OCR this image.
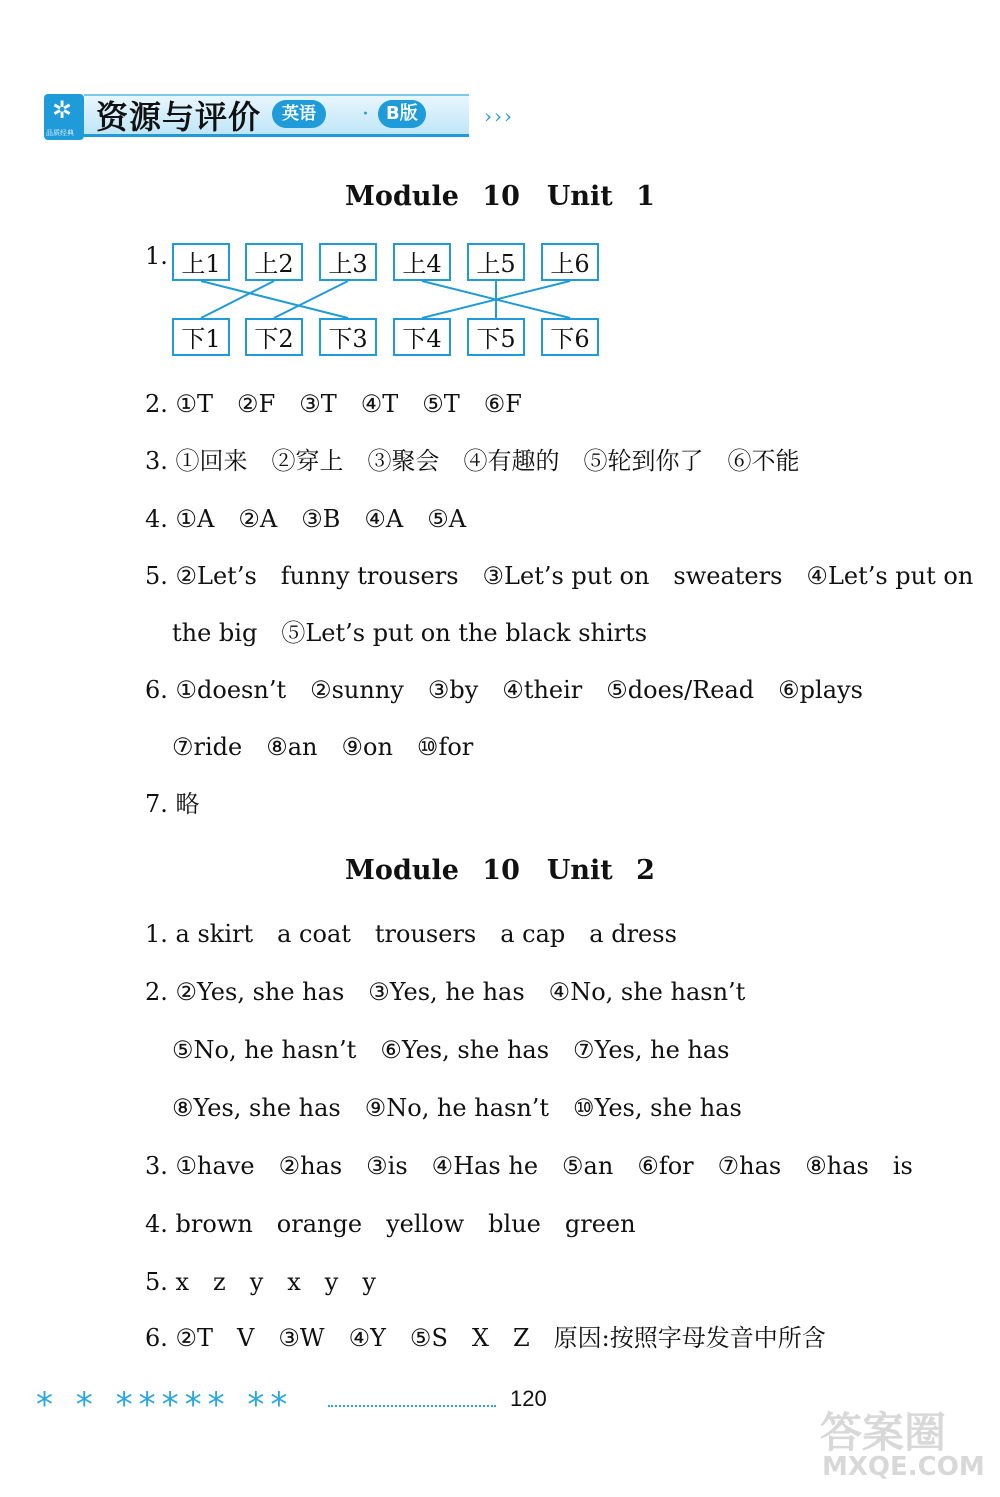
✲
品质经典 资源与评价	英语	· B版	›››
Module 10　Unit 1
1. 上1	上2	上3	上4	上5	上6
下1	下2	下3	下4	下5	下6
2. ①T　②F　③T　④T　⑤T　⑥F
3. ①回来　②穿上　③聚会　④有趣的　⑤轮到你了　⑥不能
4. ①A　②A　③B　④A　⑤A
5. ②Let’s　funny trousers　③Let’s put on　sweaters　④Let’s put on
the big　⑤Let’s put on the black shirts
6. ①doesn’t　②sunny　③by　④their　⑤does/Read　⑥plays
⑦ride　⑧an　⑨on　⑩for
7. 略
Module 10　Unit 2
1. a skirt　a coat　trousers　a cap　a dress
2. ②Yes, she has　③Yes, he has　④No, she hasn’t
⑤No, he hasn’t　⑥Yes, she has　⑦Yes, he has
⑧Yes, she has　⑨No, he hasn’t　⑩Yes, she has
3. ①have　②has　③is　④Has he　⑤an　⑥for　⑦has　⑧has　is
4. brown　orange　yellow　blue　green
5. x　z　y　x　y　y
6. ②T　V　③W　④Y　⑤S　X　Z　原因:按照字母发音中所含
* * ***** **	120
答案圈
MXQE.COM
